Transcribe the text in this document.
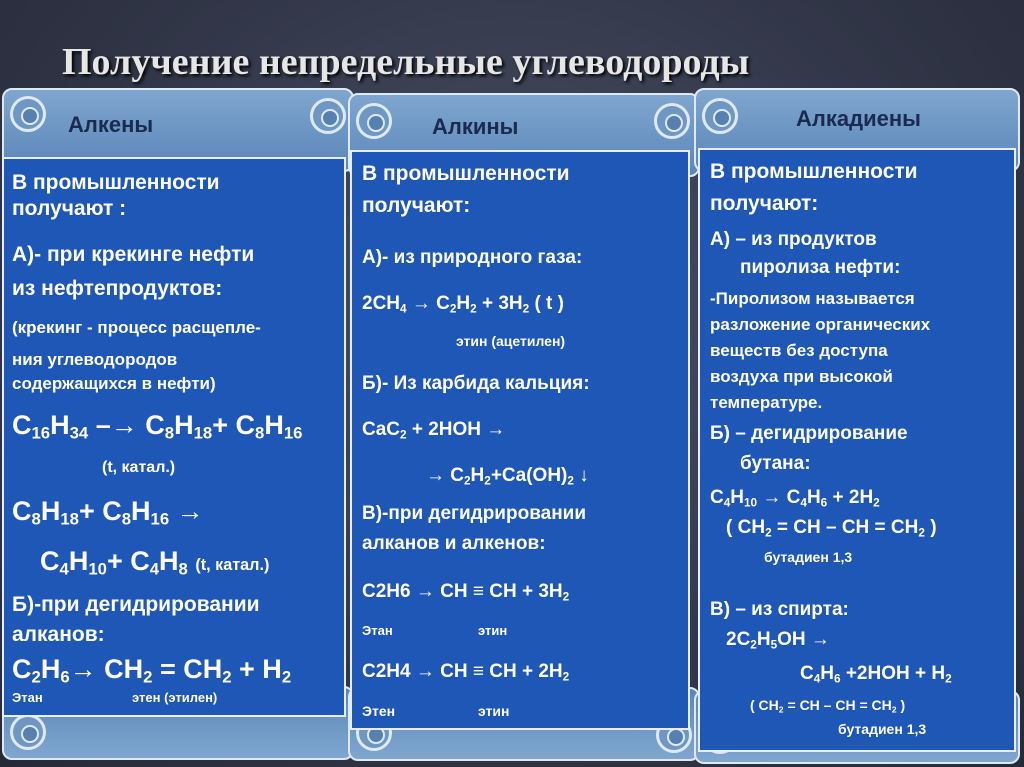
Получение непредельные углеводороды
Алкены
В промышленности
получают :
А)- при крекинге нефти
из нефтепродуктов:
(крекинг - процесс расщепле-
ния углеводородов
содержащихся в нефти)
$C_{16}H_{34} -\to C_8H_{18}+ C_8H_{16}$
(t, катал.)
$C_8H_{18}+ C_8H_{16}$ →
$C_4H_{10}+ C_4H_8$ (t, катал.)
Б)-при дегидрировании
алканов:
$C_2H_6\to CH_2 = CH_2 + H_2$
Этан	этен (этилен)
Алкины
В промышленности
получают:
А)- из природного газа:
$2CH_4 \to C_2H_2 + 3H_2$ ( t )
этин (ацетилен)
Б)- Из карбида кальция:
CaC$_2$ + 2HOH →
→ $C_2H_2+Ca(OH)_2$ ↓
В)-при дегидрировании
алканов и алкенов:
C2H6 → CH ≡ CH + $3H_2$
Этан	этин
C2H4 → CH ≡ CH + $2H_2$
Этен	этин
Алкадиены
В промышленности
получают:
А) – из продуктов
пиролиза нефти:
-Пиролизом называется
разложение органических
веществ без доступа
воздуха при высокой
температуре.
Б) – дегидрирование
бутана:
$C_4H_{10} \to C_4H_6 + 2H_2$
( $CH_2$ = CH – CH = $CH_2$ )
бутадиен 1,3
В) – из спирта:
$2C_2H_5OH$ →
$C_4H_6 +2HOH + H_2$
( $CH_2$ = CH – CH = $CH_2$ )
бутадиен 1,3
